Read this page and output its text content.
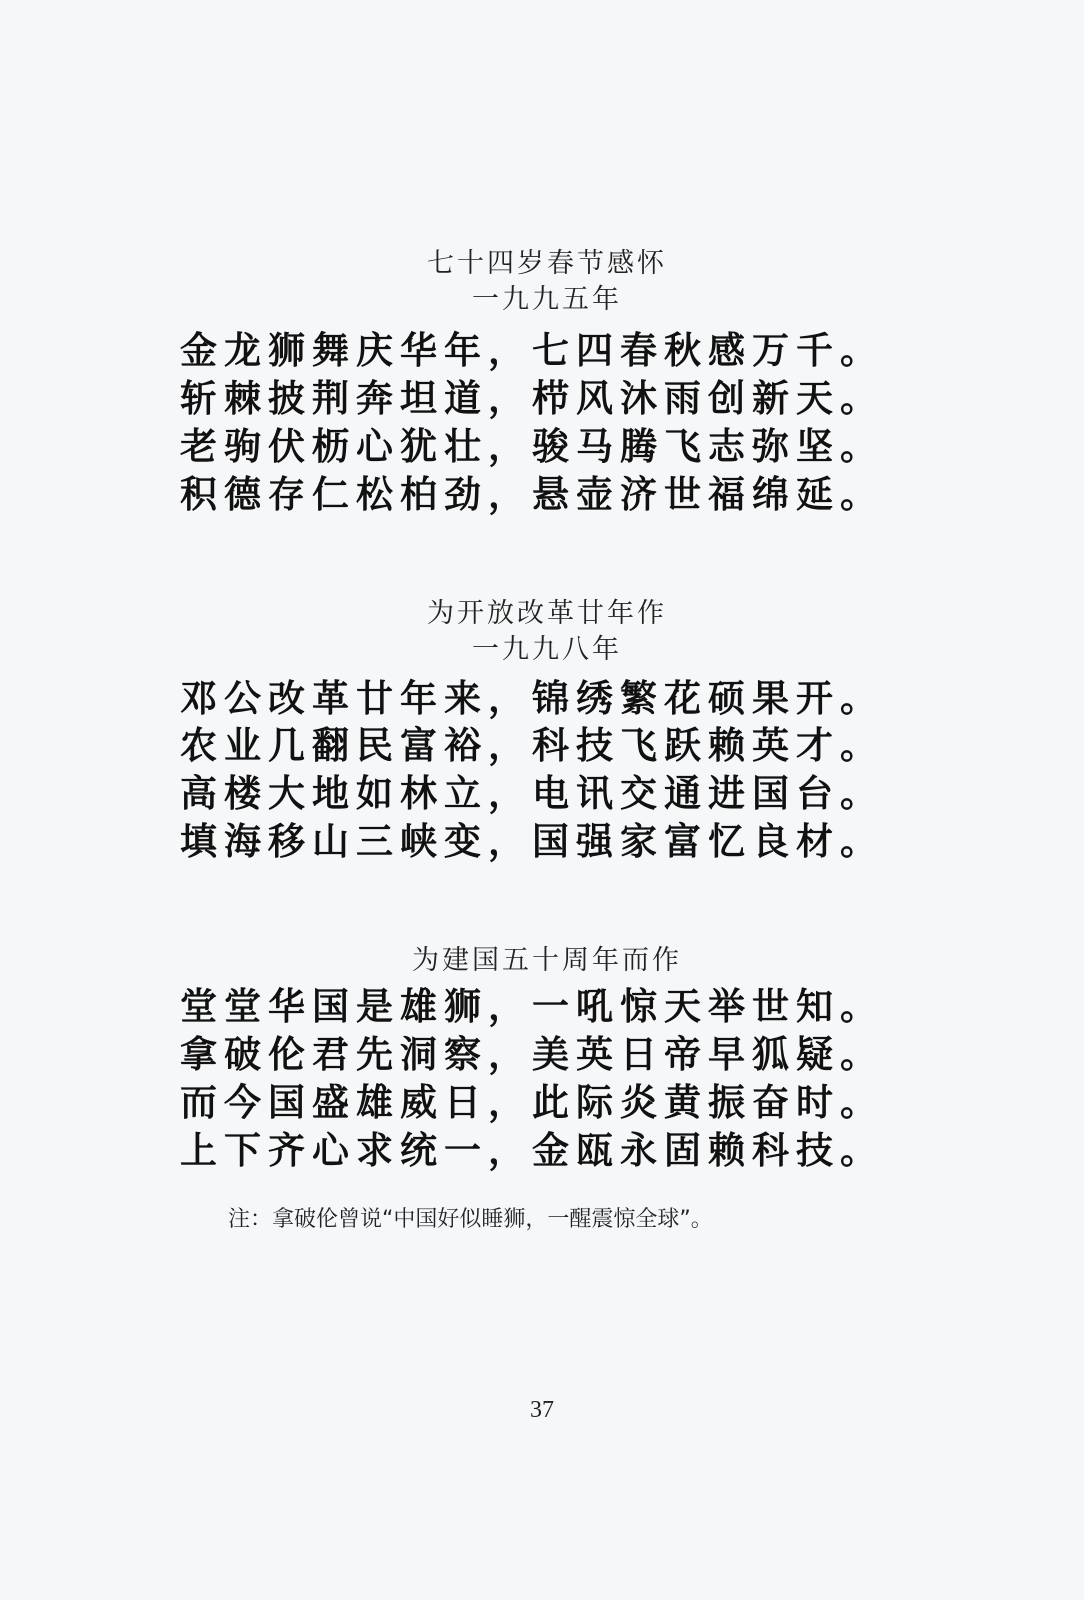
七十四岁春节感怀
一九九五年
金龙狮舞庆华年，七四春秋感万千。
斩棘披荆奔坦道，栉风沐雨创新天。
老驹伏枥心犹壮，骏马腾飞志弥坚。
积德存仁松柏劲，悬壶济世福绵延。
为开放改革廿年作
一九九八年
邓公改革廿年来，锦绣繁花硕果开。
农业几翻民富裕，科技飞跃赖英才。
高楼大地如林立，电讯交通进国台。
填海移山三峡变，国强家富忆良材。
为建国五十周年而作
堂堂华国是雄狮，一吼惊天举世知。
拿破伦君先洞察，美英日帝早狐疑。
而今国盛雄威日，此际炎黄振奋时。
上下齐心求统一，金瓯永固赖科技。
注：拿破伦曾说“中国好似睡狮，一醒震惊全球”。
37
